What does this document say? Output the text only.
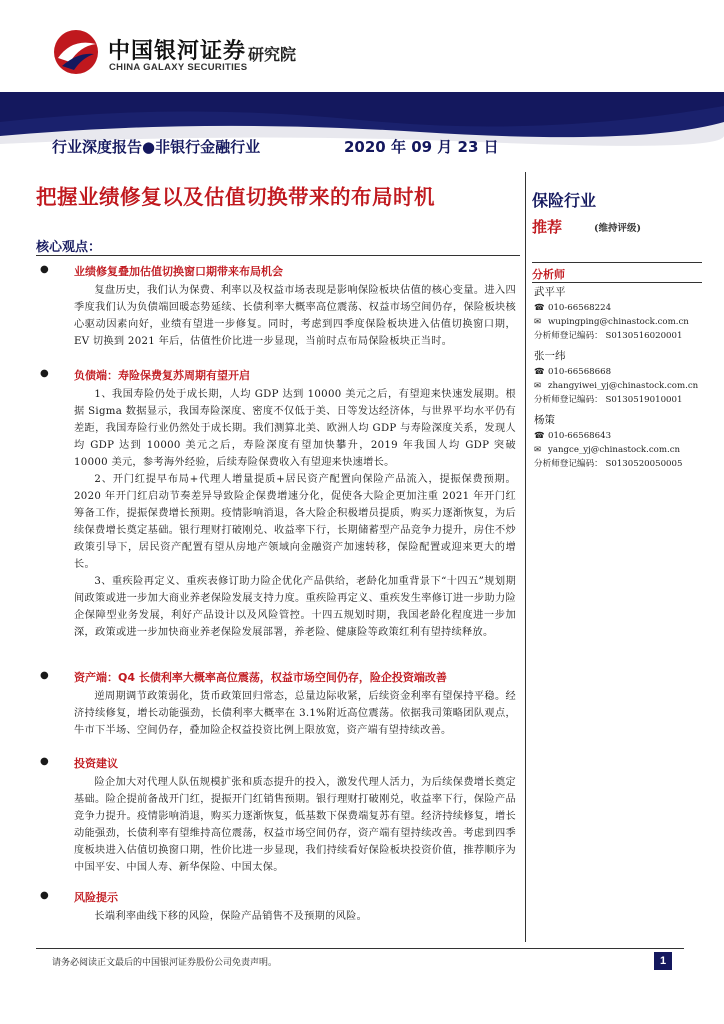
中国银河证券
CHINA GALAXY SECURITIES
研究院
行业深度报告●非银行金融行业	2020 年 09 月 23 日
把握业绩修复以及估值切换带来的布局时机	保险行业
推荐	(维持评级)
分析师
武平平
☎ 010-66568224
✉ wupingping@chinastock.com.cn
分析师登记编码： S0130516020001
张一纬
☎ 010-66568668
✉ zhangyiwei_yj@chinastock.com.cn
分析师登记编码： S0130519010001
杨策
☎ 010-66568643
✉ yangce_yj@chinastock.com.cn
分析师登记编码： S0130520050005
核心观点：
● 业绩修复叠加估值切换窗口期带来布局机会

复盘历史，我们认为保费、利率以及权益市场表现是影响保险板块估值的核心变量。进入四季度我们认为负债端回暖态势延续、长债利率大概率高位震荡、权益市场空间仍存，保险板块核心驱动因素向好，业绩有望进一步修复。同时，考虑到四季度保险板块进入估值切换窗口期，EV 切换到 2021 年后，估值性价比进一步显现，当前时点布局保险板块正当时。

● 负债端：寿险保费复苏周期有望开启

1、我国寿险仍处于成长期，人均 GDP 达到 10000 美元之后，有望迎来快速发展期。根据 Sigma 数据显示，我国寿险深度、密度不仅低于美、日等发达经济体，与世界平均水平仍有差距，我国寿险行业仍然处于成长期。我们测算北美、欧洲人均 GDP 与寿险深度关系，发现人均 GDP 达到 10000 美元之后，寿险深度有望加快攀升，2019 年我国人均 GDP 突破 10000 美元，参考海外经验，后续寿险保费收入有望迎来快速增长。

2、开门红提早布局+代理人增量提质+居民资产配置向保险产品流入，提振保费预期。2020 年开门红启动节奏差异导致险企保费增速分化，促使各大险企更加注重 2021 年开门红筹备工作，提振保费增长预期。疫情影响消退，各大险企积极增员提质，购买力逐渐恢复，为后续保费增长奠定基础。银行理财打破刚兑、收益率下行，长期储蓄型产品竞争力提升，房住不炒政策引导下，居民资产配置有望从房地产领域向金融资产加速转移，保险配置或迎来更大的增长。

3、重疾险再定义、重疾表修订助力险企优化产品供给，老龄化加重背景下“十四五”规划期间政策或进一步加大商业养老保险发展支持力度。重疾险再定义、重疾发生率修订进一步助力险企保障型业务发展，利好产品设计以及风险管控。十四五规划时期，我国老龄化程度进一步加深，政策或进一步加快商业养老保险发展部署，养老险、健康险等政策红利有望持续释放。

● 资产端：Q4 长债利率大概率高位震荡，权益市场空间仍存，险企投资端改善

逆周期调节政策弱化，货币政策回归常态，总量边际收紧，后续资金利率有望保持平稳。经济持续修复，增长动能强劲，长债利率大概率在 3.1%附近高位震荡。依据我司策略团队观点，牛市下半场、空间仍存，叠加险企权益投资比例上限放宽，资产端有望持续改善。

● 投资建议

险企加大对代理人队伍规模扩张和质态提升的投入，激发代理人活力，为后续保费增长奠定基础。险企提前备战开门红，提振开门红销售预期。银行理财打破刚兑，收益率下行，保险产品竞争力提升。疫情影响消退，购买力逐渐恢复，低基数下保费端复苏有望。经济持续修复，增长动能强劲，长债利率有望维持高位震荡，权益市场空间仍存，资产端有望持续改善。考虑到四季度板块进入估值切换窗口期，性价比进一步显现，我们持续看好保险板块投资价值，推荐顺序为中国平安、中国人寿、新华保险、中国太保。

● 风险提示

长端利率曲线下移的风险，保险产品销售不及预期的风险。

请务必阅读正文最后的中国银河证券股份公司免责声明。	1
